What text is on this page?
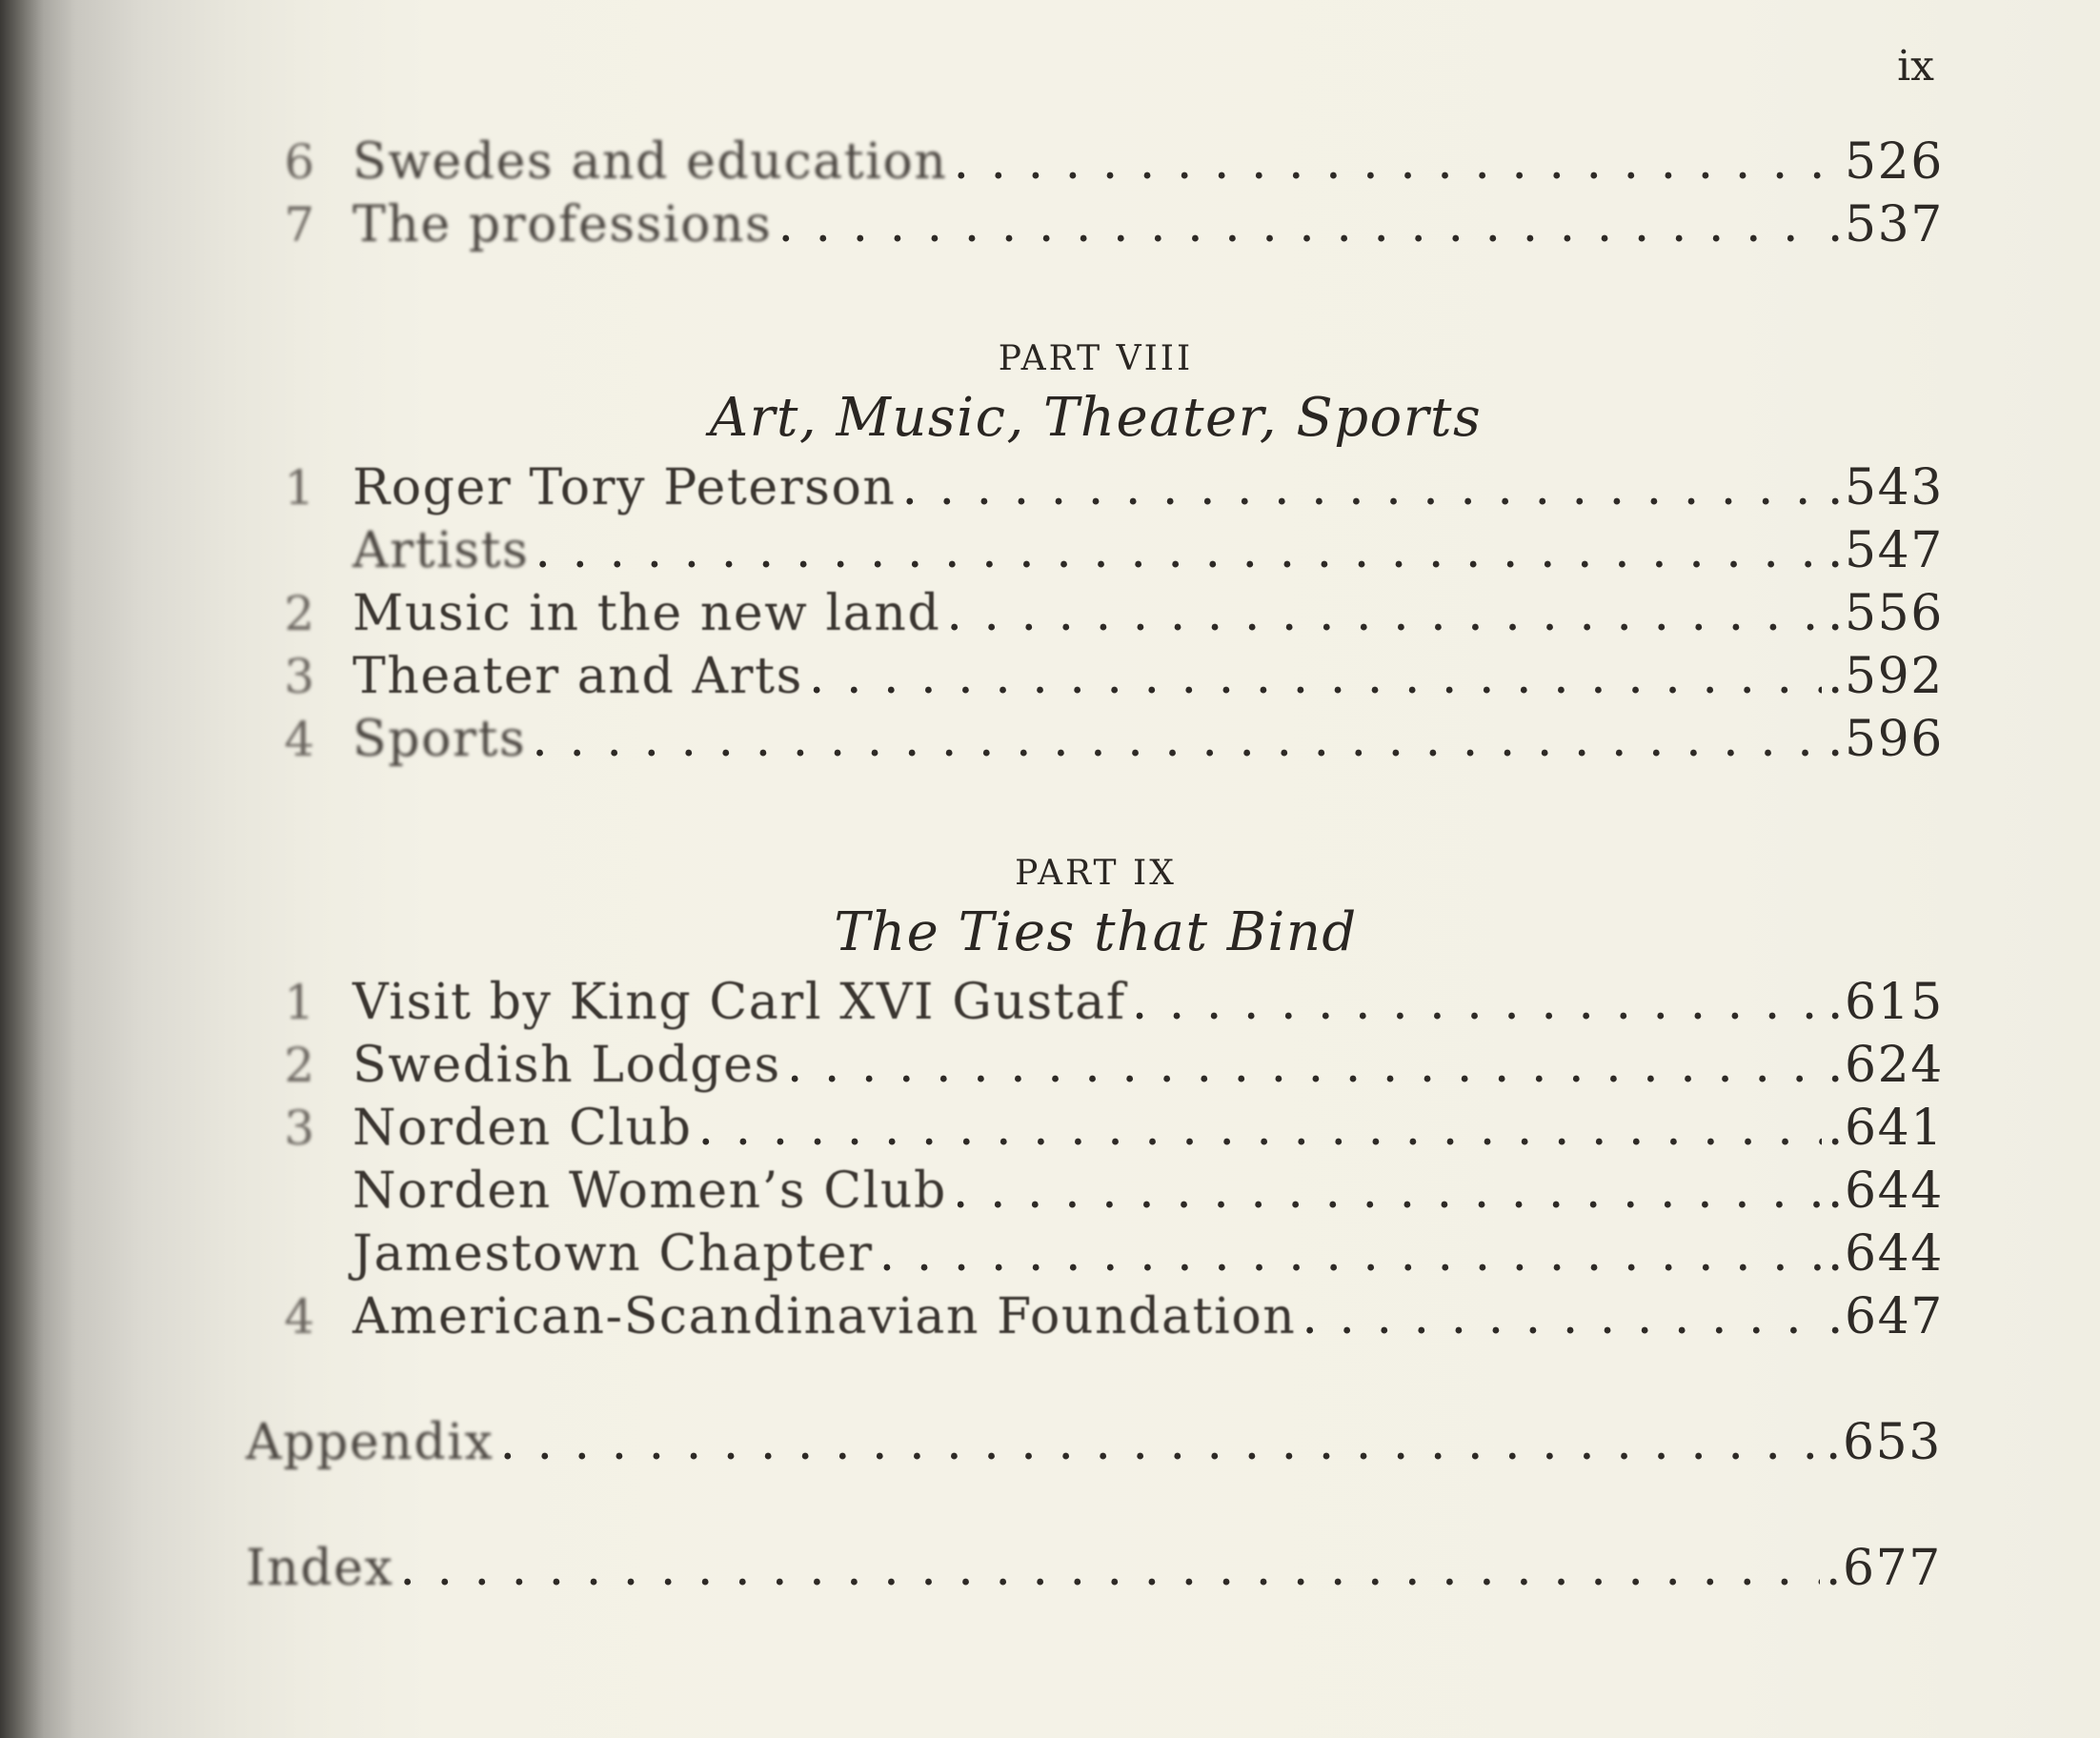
ix
6 Swedes and education . . .	526
7 The professions . . .	.537
PART VIII
Art, Music, Theater, Sports
1 Roger Tory Peterson . . .	.543
Artists . . .	.547
2 Music in the new land . . .	.556
3 Theater and Arts . . .	.592
4 Sports . . .	.596
PART IX
The Ties that Bind
1 Visit by King Carl XVI Gustaf . . .	.615
2 Swedish Lodges . . .	.624
3 Norden Club . . .	.641
Norden Women’s Club . . .	.644
Jamestown Chapter . . .	.644
4 American-Scandinavian Foundation . . .	.647
Appendix . . .	.653
Index . . .	.677
